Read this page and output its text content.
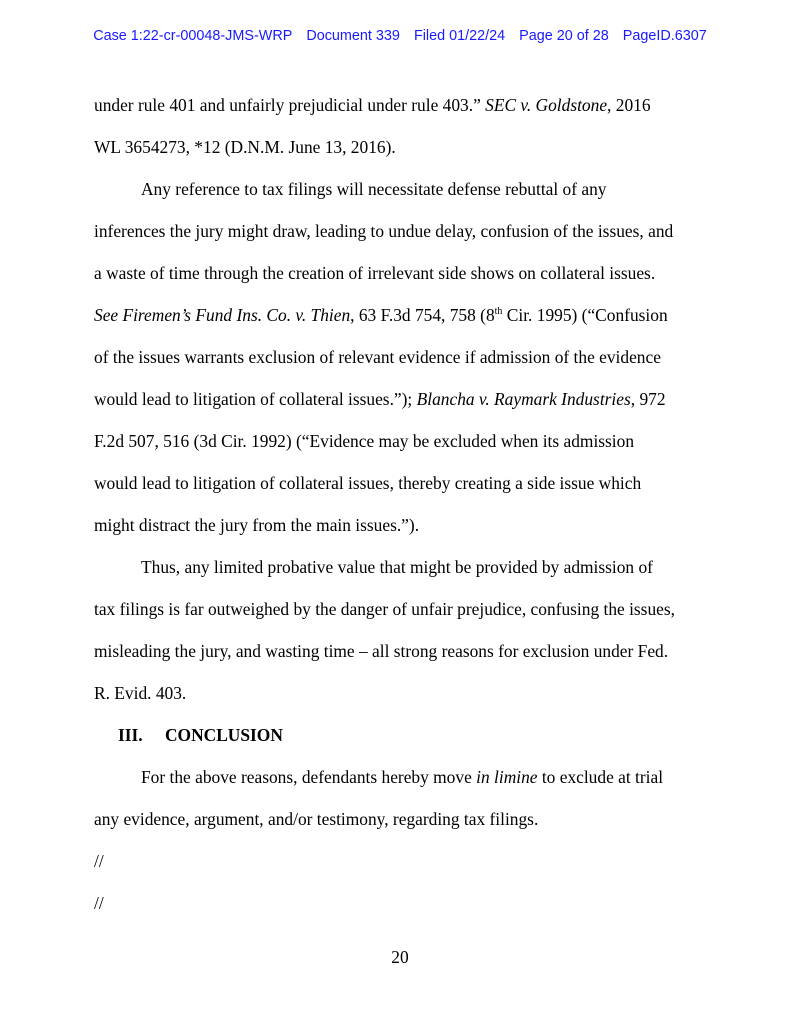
Case 1:22-cr-00048-JMS-WRP Document 339 Filed 01/22/24 Page 20 of 28 PageID.6307
under rule 401 and unfairly prejudicial under rule 403.” SEC v. Goldstone, 2016
WL 3654273, *12 (D.N.M. June 13, 2016).
Any reference to tax filings will necessitate defense rebuttal of any
inferences the jury might draw, leading to undue delay, confusion of the issues, and
a waste of time through the creation of irrelevant side shows on collateral issues.
See Firemen’s Fund Ins. Co. v. Thien, 63 F.3d 754, 758 (8th Cir. 1995) (“Confusion
of the issues warrants exclusion of relevant evidence if admission of the evidence
would lead to litigation of collateral issues.”); Blancha v. Raymark Industries, 972
F.2d 507, 516 (3d Cir. 1992) (“Evidence may be excluded when its admission
would lead to litigation of collateral issues, thereby creating a side issue which
might distract the jury from the main issues.”).
Thus, any limited probative value that might be provided by admission of
tax filings is far outweighed by the danger of unfair prejudice, confusing the issues,
misleading the jury, and wasting time – all strong reasons for exclusion under Fed.
R. Evid. 403.
III. CONCLUSION
For the above reasons, defendants hereby move in limine to exclude at trial
any evidence, argument, and/or testimony, regarding tax filings.
//
//
20
